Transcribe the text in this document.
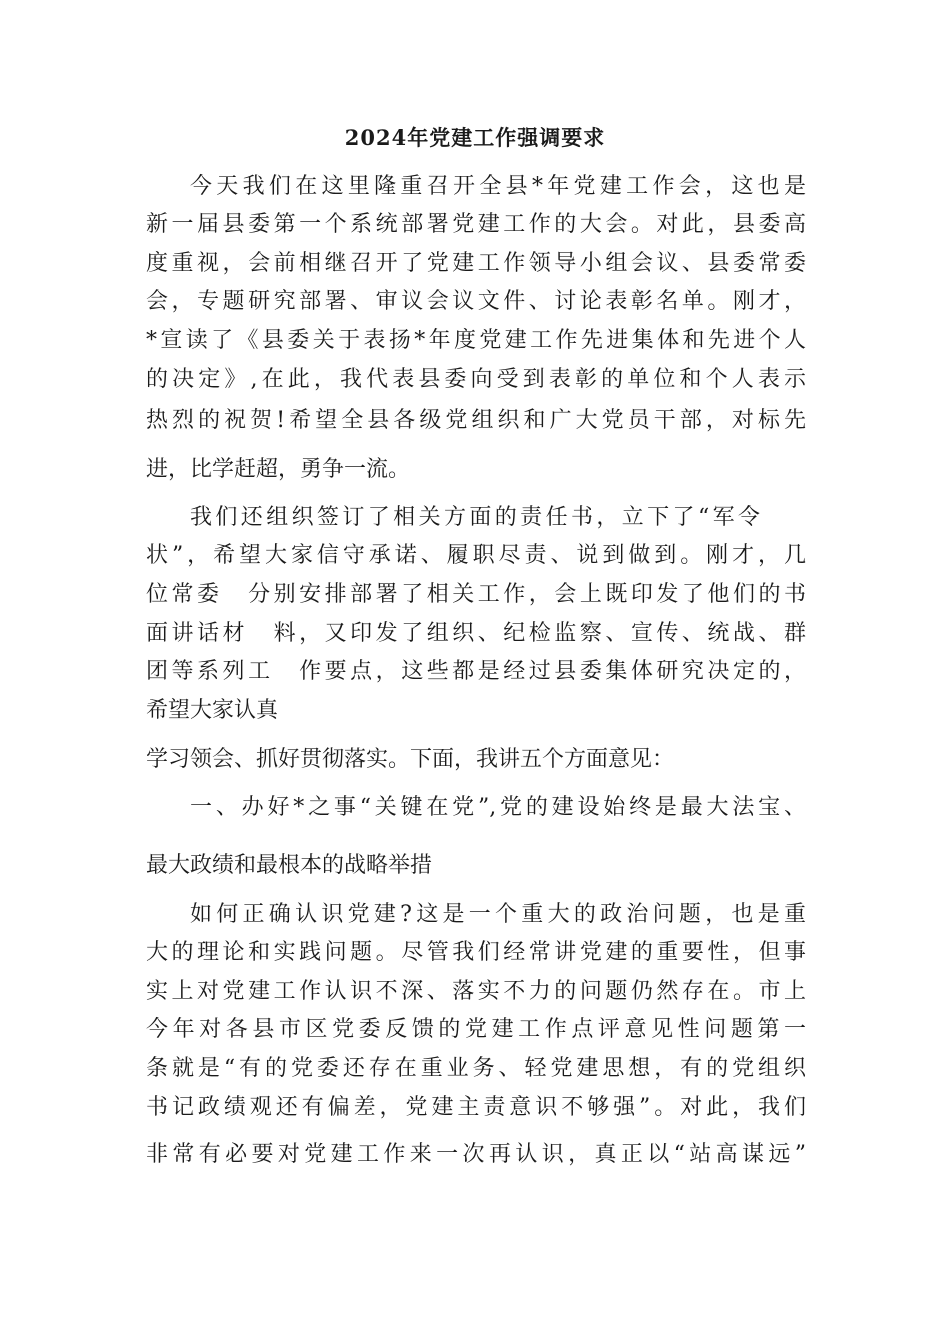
2024年党建工作强调要求
今天我们在这里隆重召开全县*年党建工作会，这也是
新一届县委第一个系统部署党建工作的大会。对此，县委高
度重视，会前相继召开了党建工作领导小组会议、县委常委
会，专题研究部署、审议会议文件、讨论表彰名单。刚才，
*宣读了《县委关于表扬*年度党建工作先进集体和先进个人
的决定》,在此，我代表县委向受到表彰的单位和个人表示
热烈的祝贺!希望全县各级党组织和广大党员干部，对标先
进，比学赶超，勇争一流。
我们还组织签订了相关方面的责任书，立下了“军令
状”，希望大家信守承诺、履职尽责、说到做到。刚才，几
位常委　分别安排部署了相关工作，会上既印发了他们的书
面讲话材　料，又印发了组织、纪检监察、宣传、统战、群
团等系列工　作要点，这些都是经过县委集体研究决定的，
希望大家认真
学习领会、抓好贯彻落实。下面，我讲五个方面意见：
一、办好*之事“关键在党”,党的建设始终是最大法宝、
最大政绩和最根本的战略举措
如何正确认识党建?这是一个重大的政治问题，也是重
大的理论和实践问题。尽管我们经常讲党建的重要性，但事
实上对党建工作认识不深、落实不力的问题仍然存在。市上
今年对各县市区党委反馈的党建工作点评意见性问题第一
条就是“有的党委还存在重业务、轻党建思想，有的党组织
书记政绩观还有偏差，党建主责意识不够强”。对此，我们
非常有必要对党建工作来一次再认识，真正以“站高谋远”
